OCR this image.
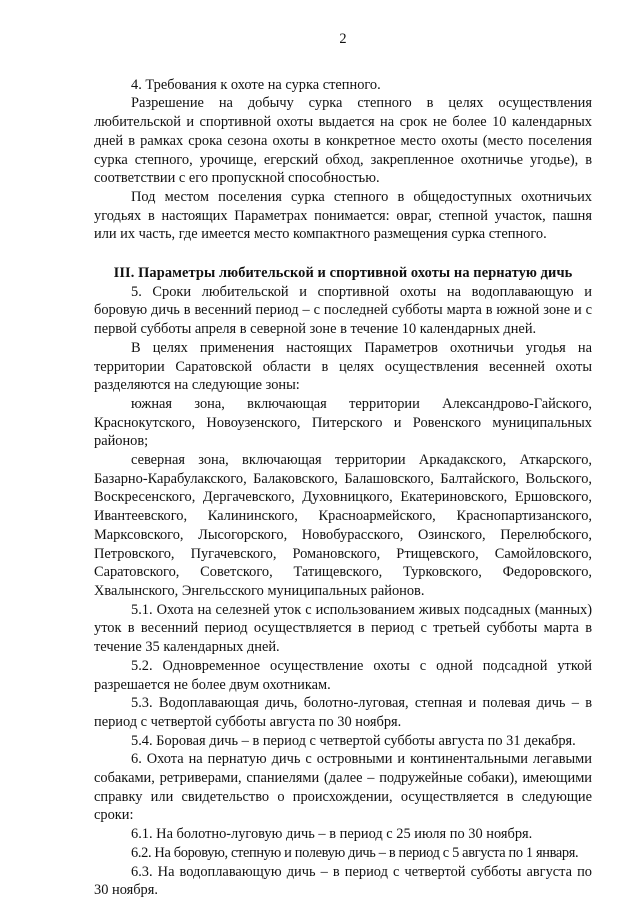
2

4. Требования к охоте на сурка степного.

Разрешение на добычу сурка степного в целях осуществления любительской и спортивной охоты выдается на срок не более 10 календарных дней в рамках срока сезона охоты в конкретное место охоты (место поселения сурка степного, урочище, егерский обход, закрепленное охотничье угодье), в соответствии с его пропускной способностью.

Под местом поселения сурка степного в общедоступных охотничьих угодьях в настоящих Параметрах понимается: овраг, степной участок, пашня или их часть, где имеется место компактного размещения сурка степного.

III. Параметры любительской и спортивной охоты на пернатую дичь

5. Сроки любительской и спортивной охоты на водоплавающую и боровую дичь в весенний период – с последней субботы марта в южной зоне и с первой субботы апреля в северной зоне в течение 10 календарных дней.

В целях применения настоящих Параметров охотничьи угодья на территории Саратовской области в целях осуществления весенней охоты разделяются на следующие зоны:

южная зона, включающая территории Александрово-Гайского, Краснокутского, Новоузенского, Питерского и Ровенского муниципальных районов;

северная зона, включающая территории Аркадакского, Аткарского, Базарно-Карабулакского, Балаковского, Балашовского, Балтайского, Вольского, Воскресенского, Дергачевского, Духовницкого, Екатериновского, Ершовского, Ивантеевского, Калининского, Красноармейского, Краснопартизанского, Марксовского, Лысогорского, Новобурасского, Озинского, Перелюбского, Петровского, Пугачевского, Романовского, Ртищевского, Самойловского, Саратовского, Советского, Татищевского, Турковского, Федоровского, Хвалынского, Энгельсского муниципальных районов.

5.1. Охота на селезней уток с использованием живых подсадных (манных) уток в весенний период осуществляется в период с третьей субботы марта в течение 35 календарных дней.

5.2. Одновременное осуществление охоты с одной подсадной уткой разрешается не более двум охотникам.

5.3. Водоплавающая дичь, болотно-луговая, степная и полевая дичь – в период с четвертой субботы августа по 30 ноября.

5.4. Боровая дичь – в период с четвертой субботы августа по 31 декабря.

6. Охота на пернатую дичь с островными и континентальными легавыми собаками, ретриверами, спаниелями (далее – подружейные собаки), имеющими справку или свидетельство о происхождении, осуществляется в следующие сроки:

6.1. На болотно-луговую дичь – в период с 25 июля по 30 ноября.

6.2. На боровую, степную и полевую дичь – в период с 5 августа по 1 января.

6.3. На водоплавающую дичь – в период с четвертой субботы августа по 30 ноября.
